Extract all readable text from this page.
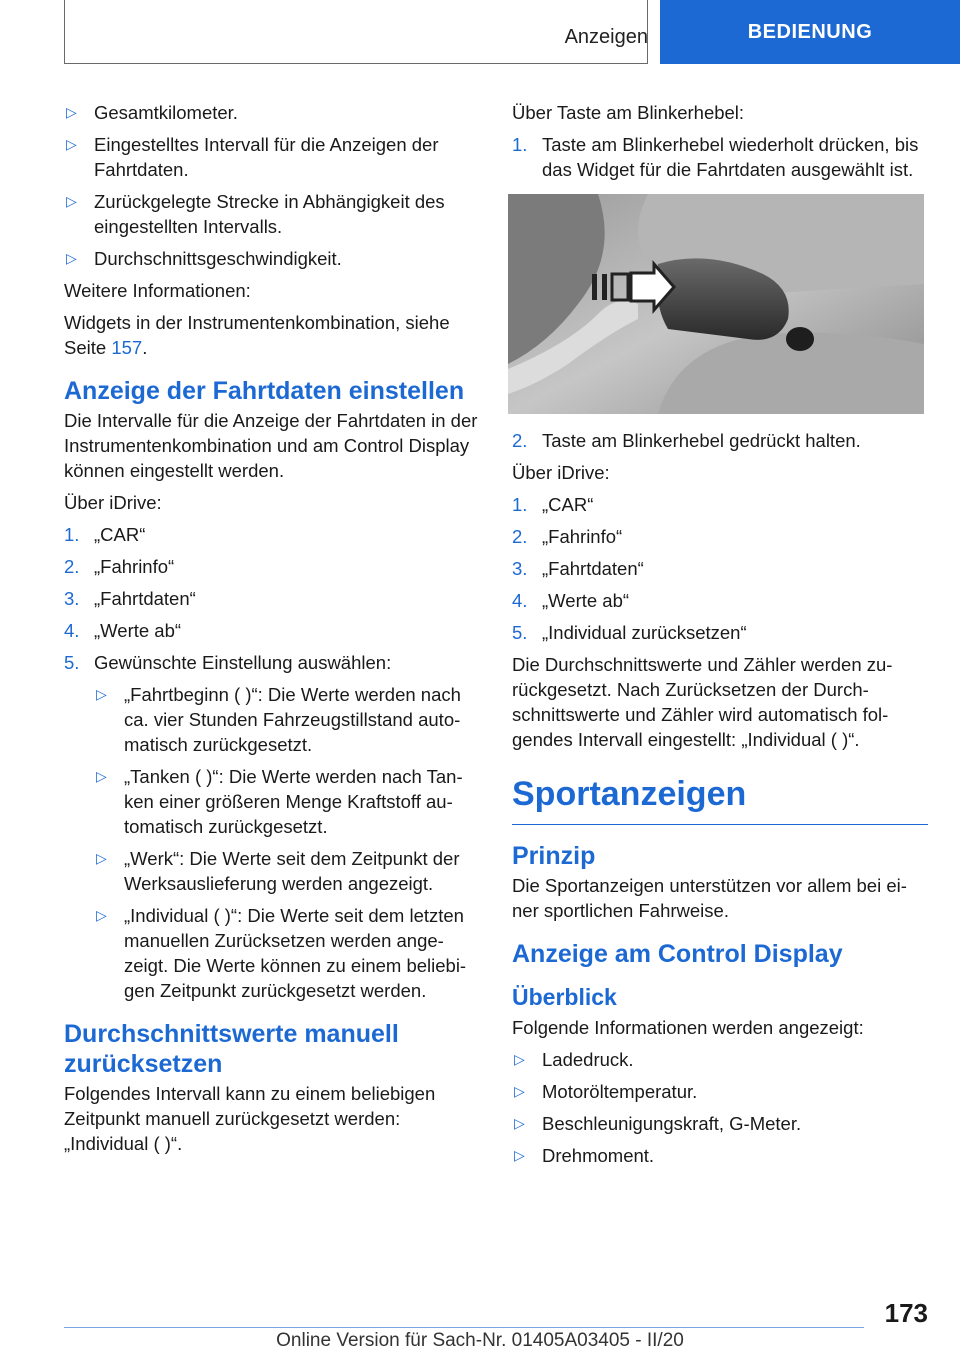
Anzeigen	BEDIENUNG
▷ Gesamtkilometer.
▷ Eingestelltes Intervall für die Anzeigen der Fahrtdaten.
▷ Zurückgelegte Strecke in Abhängigkeit des eingestellten Intervalls.
▷ Durchschnittsgeschwindigkeit.

Weitere Informationen:

Widgets in der Instrumentenkombination, siehe Seite 157.

Anzeige der Fahrtdaten einstellen

Die Intervalle für die Anzeige der Fahrtdaten in der Instrumentenkombination und am Control Display können eingestellt werden.

Über iDrive:

1. „CAR“
2. „Fahrinfo“
3. „Fahrtdaten“
4. „Werte ab“
5. Gewünschte Einstellung auswählen:
▷ „Fahrtbeginn ( )“: Die Werte werden nach ca. vier Stunden Fahrzeugstillstand auto-matisch zurückgesetzt.
▷ „Tanken ( )“: Die Werte werden nach Tan-ken einer größeren Menge Kraftstoff au-tomatisch zurückgesetzt.
▷ „Werk“: Die Werte seit dem Zeitpunkt der Werksauslieferung werden angezeigt.
▷ „Individual ( )“: Die Werte seit dem letzten manuellen Zurücksetzen werden ange-zeigt. Die Werte können zu einem beliebi-gen Zeitpunkt zurückgesetzt werden.
Durchschnittswerte manuell zurücksetzen

Folgendes Intervall kann zu einem beliebigen Zeitpunkt manuell zurückgesetzt werden: „Individual ( )“.

Über Taste am Blinkerhebel:

1. Taste am Blinkerhebel wiederholt drücken, bis das Widget für die Fahrtdaten ausgewählt ist.
2. Taste am Blinkerhebel gedrückt halten.

Über iDrive:

1. „CAR“
2. „Fahrinfo“
3. „Fahrtdaten“
4. „Werte ab“
5. „Individual zurücksetzen“

Die Durchschnittswerte und Zähler werden zu-rückgesetzt. Nach Zurücksetzen der Durch-schnittswerte und Zähler wird automatisch fol-gendes Intervall eingestellt: „Individual ( )“.

Sportanzeigen
Prinzip

Die Sportanzeigen unterstützen vor allem bei ei-ner sportlichen Fahrweise.

Anzeige am Control Display
Überblick

Folgende Informationen werden angezeigt:

▷ Ladedruck.
▷ Motoröltemperatur.
▷ Beschleunigungskraft, G-Meter.
▷ Drehmoment.
173
Online Version für Sach-Nr. 01405A03405 - II/20
